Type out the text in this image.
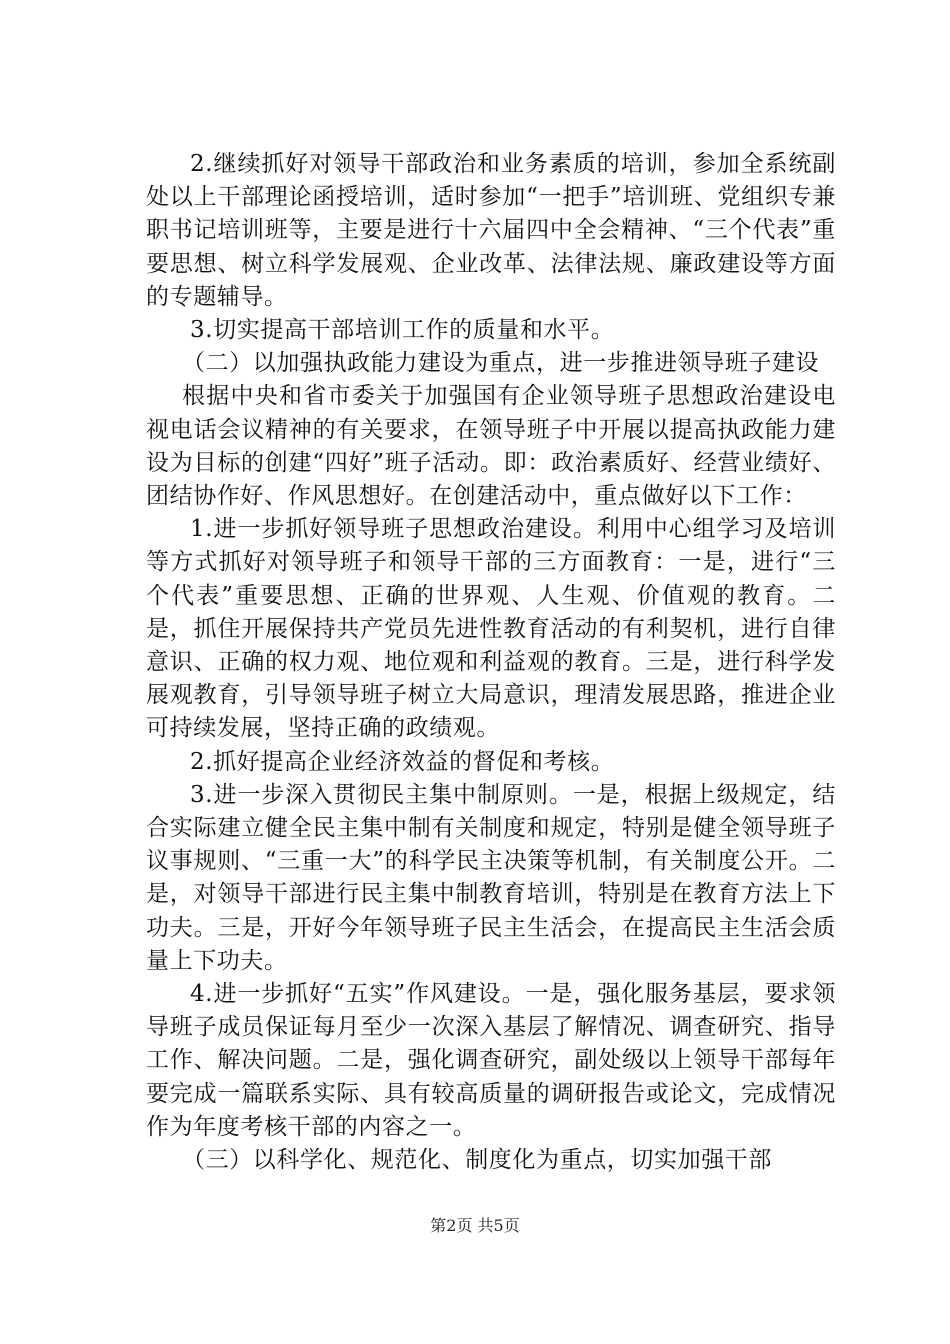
2.继续抓好对领导干部政治和业务素质的培训，参加全系统副处以上干部理论函授培训，适时参加“一把手”培训班、党组织专兼职书记培训班等，主要是进行十六届四中全会精神、“三个代表”重要思想、树立科学发展观、企业改革、法律法规、廉政建设等方面的专题辅导。

3.切实提高干部培训工作的质量和水平。

（二）以加强执政能力建设为重点，进一步推进领导班子建设

根据中央和省市委关于加强国有企业领导班子思想政治建设电视电话会议精神的有关要求，在领导班子中开展以提高执政能力建设为目标的创建“四好”班子活动。即：政治素质好、经营业绩好、团结协作好、作风思想好。在创建活动中，重点做好以下工作：

1.进一步抓好领导班子思想政治建设。利用中心组学习及培训等方式抓好对领导班子和领导干部的三方面教育：一是，进行“三个代表”重要思想、正确的世界观、人生观、价值观的教育。二是，抓住开展保持共产党员先进性教育活动的有利契机，进行自律意识、正确的权力观、地位观和利益观的教育。三是，进行科学发展观教育，引导领导班子树立大局意识，理清发展思路，推进企业可持续发展，坚持正确的政绩观。

2.抓好提高企业经济效益的督促和考核。

3.进一步深入贯彻民主集中制原则。一是，根据上级规定，结合实际建立健全民主集中制有关制度和规定，特别是健全领导班子议事规则、“三重一大”的科学民主决策等机制，有关制度公开。二是，对领导干部进行民主集中制教育培训，特别是在教育方法上下功夫。三是，开好今年领导班子民主生活会，在提高民主生活会质量上下功夫。

4.进一步抓好“五实”作风建设。一是，强化服务基层，要求领导班子成员保证每月至少一次深入基层了解情况、调查研究、指导工作、解决问题。二是，强化调查研究，副处级以上领导干部每年要完成一篇联系实际、具有较高质量的调研报告或论文，完成情况作为年度考核干部的内容之一。

（三）以科学化、规范化、制度化为重点，切实加强干部

第2页 共5页
